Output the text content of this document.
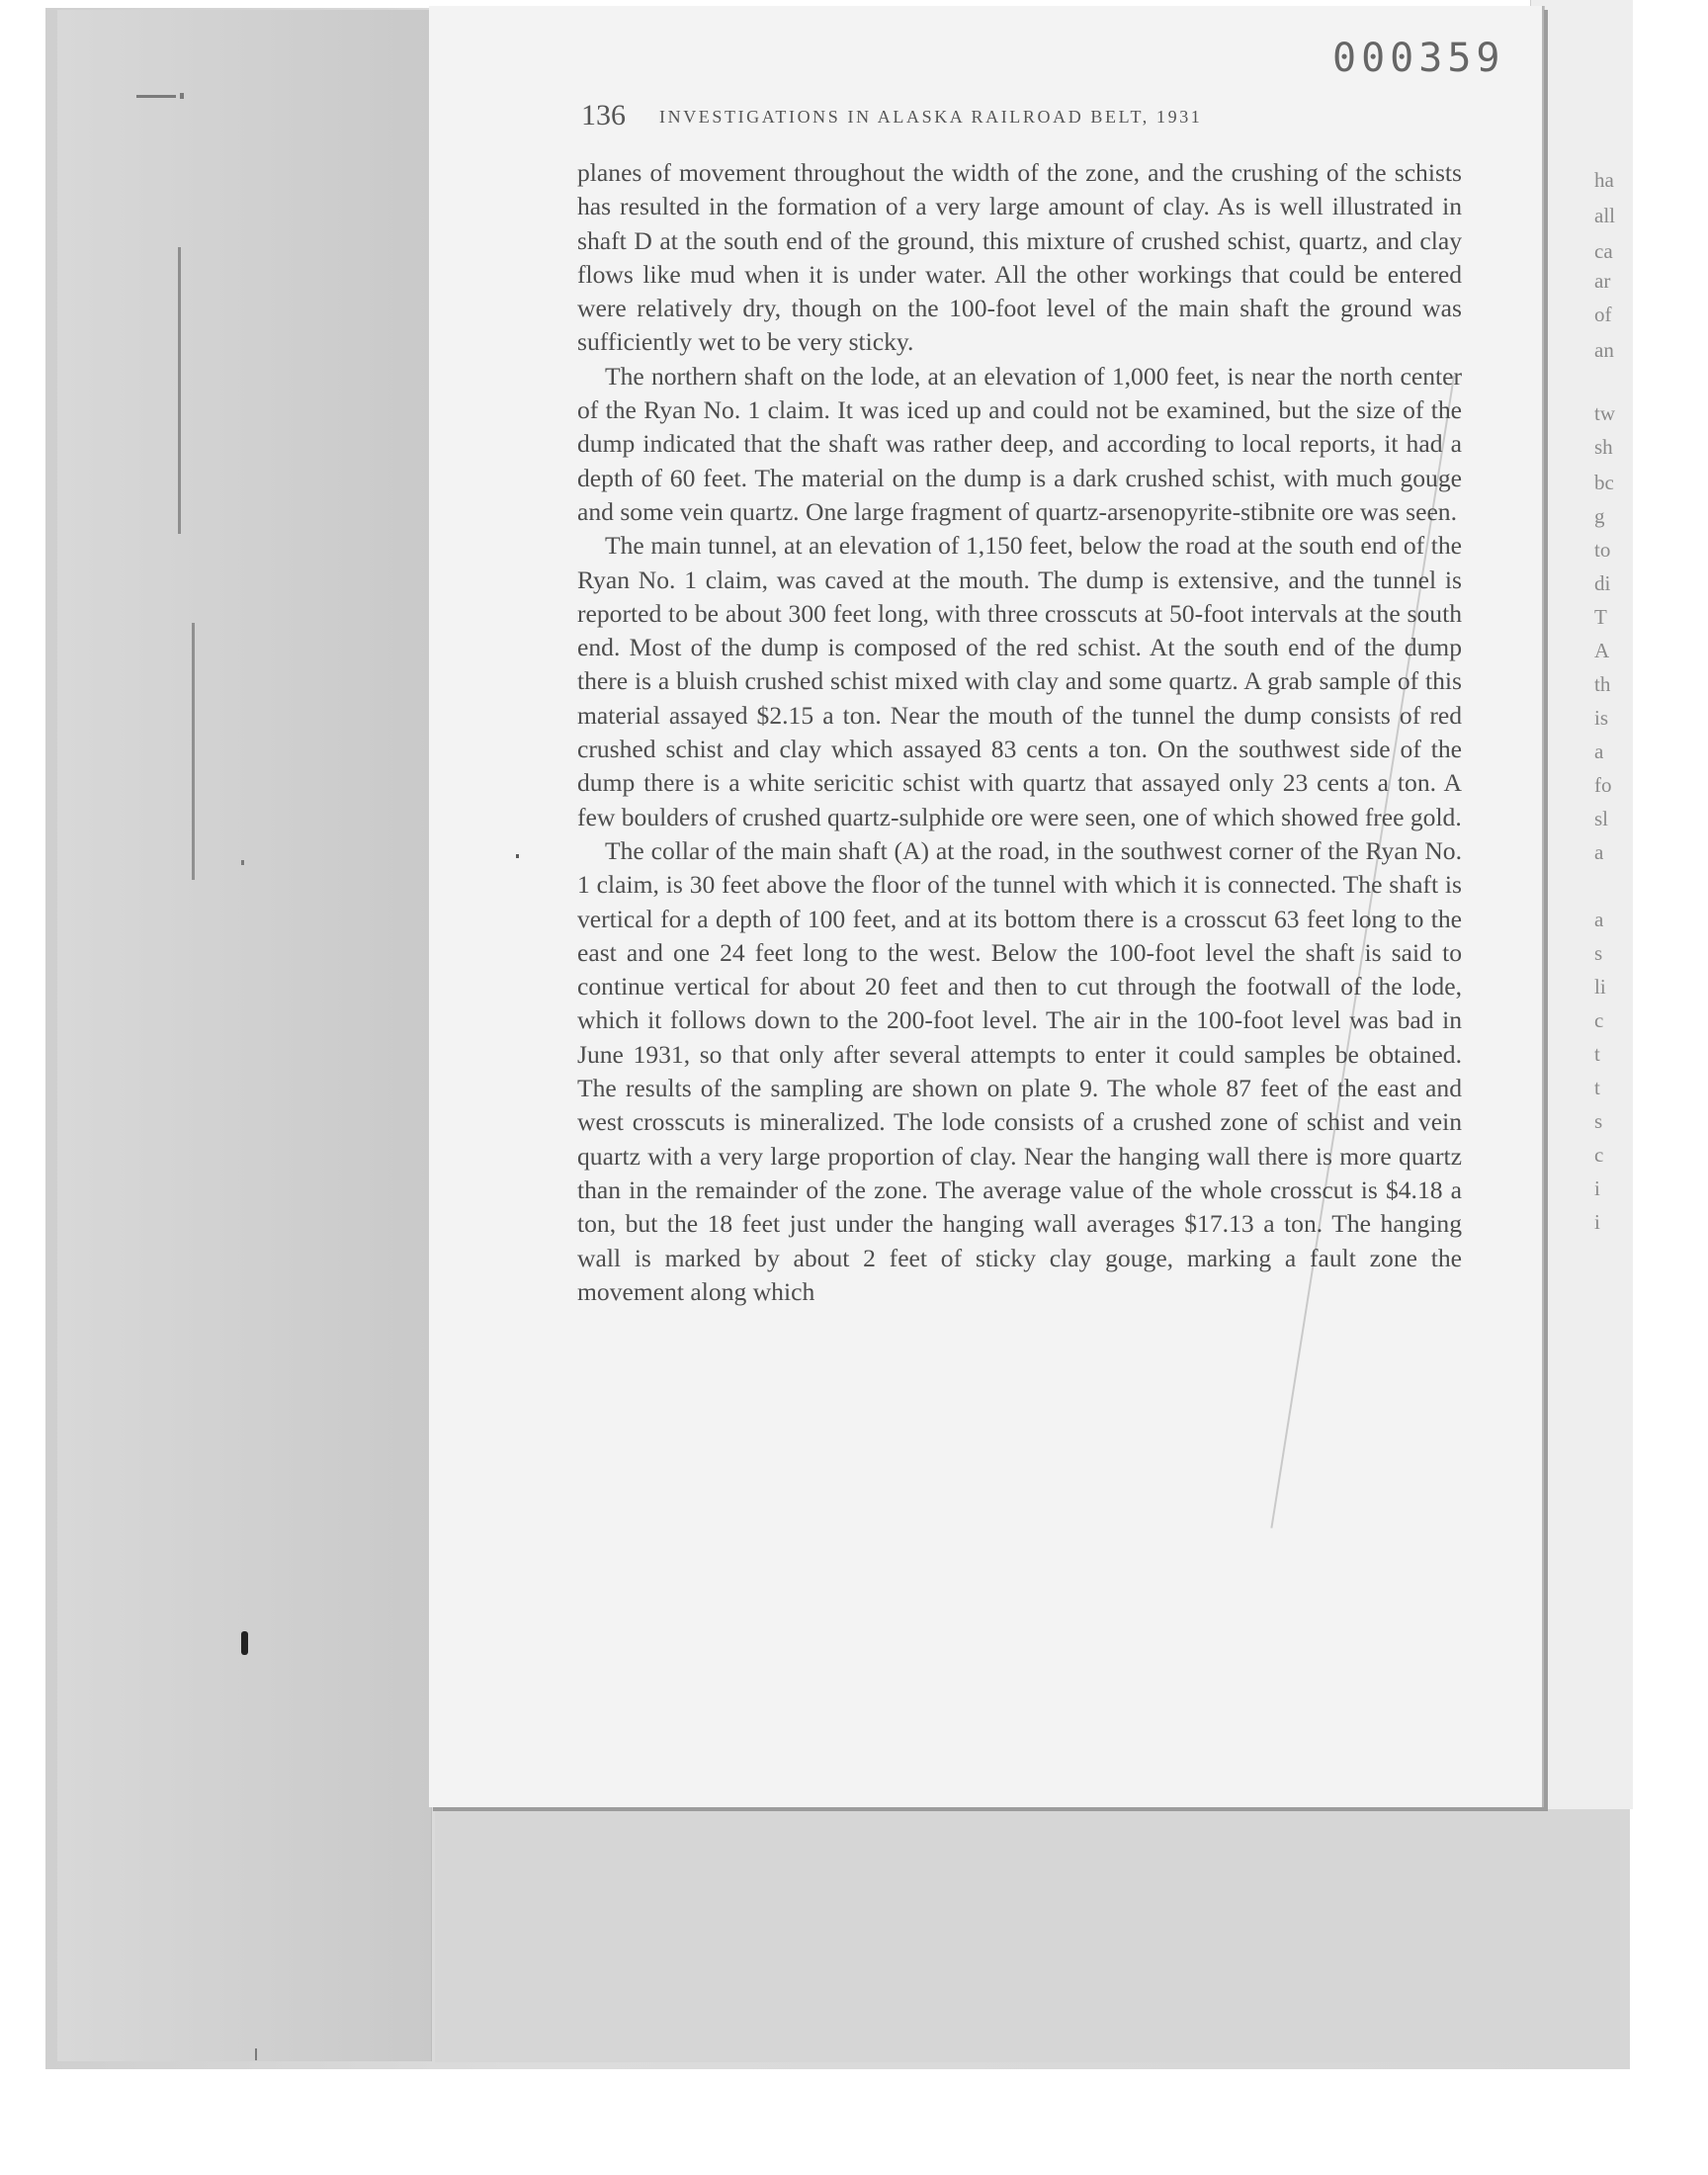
ha
all
ca
ar
of
an
tw
sh
bc
g
to
di
T
A
th
is
a
fo
sl
a
a
s
li
c
t
t
s
c
i
i
000359
136 INVESTIGATIONS IN ALASKA RAILROAD BELT, 1931

planes of movement throughout the width of the zone, and the crushing of the schists has resulted in the formation of a very large amount of clay. As is well illustrated in shaft D at the south end of the ground, this mixture of crushed schist, quartz, and clay flows like mud when it is under water. All the other workings that could be entered were relatively dry, though on the 100-foot level of the main shaft the ground was sufficiently wet to be very sticky.

The northern shaft on the lode, at an elevation of 1,000 feet, is near the north center of the Ryan No. 1 claim. It was iced up and could not be examined, but the size of the dump indicated that the shaft was rather deep, and according to local reports, it had a depth of 60 feet. The material on the dump is a dark crushed schist, with much gouge and some vein quartz. One large fragment of quartz-arsenopyrite-stibnite ore was seen.

The main tunnel, at an elevation of 1,150 feet, below the road at the south end of the Ryan No. 1 claim, was caved at the mouth. The dump is extensive, and the tunnel is reported to be about 300 feet long, with three crosscuts at 50-foot intervals at the south end. Most of the dump is composed of the red schist. At the south end of the dump there is a bluish crushed schist mixed with clay and some quartz. A grab sample of this material assayed $2.15 a ton. Near the mouth of the tunnel the dump consists of red crushed schist and clay which assayed 83 cents a ton. On the southwest side of the dump there is a white sericitic schist with quartz that assayed only 23 cents a ton. A few boulders of crushed quartz-sulphide ore were seen, one of which showed free gold.

The collar of the main shaft (A) at the road, in the southwest corner of the Ryan No. 1 claim, is 30 feet above the floor of the tunnel with which it is connected. The shaft is vertical for a depth of 100 feet, and at its bottom there is a crosscut 63 feet long to the east and one 24 feet long to the west. Below the 100-foot level the shaft is said to continue vertical for about 20 feet and then to cut through the footwall of the lode, which it follows down to the 200-foot level. The air in the 100-foot level was bad in June 1931, so that only after several attempts to enter it could samples be obtained. The results of the sampling are shown on plate 9. The whole 87 feet of the east and west crosscuts is mineralized. The lode consists of a crushed zone of schist and vein quartz with a very large proportion of clay. Near the hanging wall there is more quartz than in the remainder of the zone. The average value of the whole crosscut is $4.18 a ton, but the 18 feet just under the hanging wall averages $17.13 a ton. The hanging wall is marked by about 2 feet of sticky clay gouge, marking a fault zone the movement along which
